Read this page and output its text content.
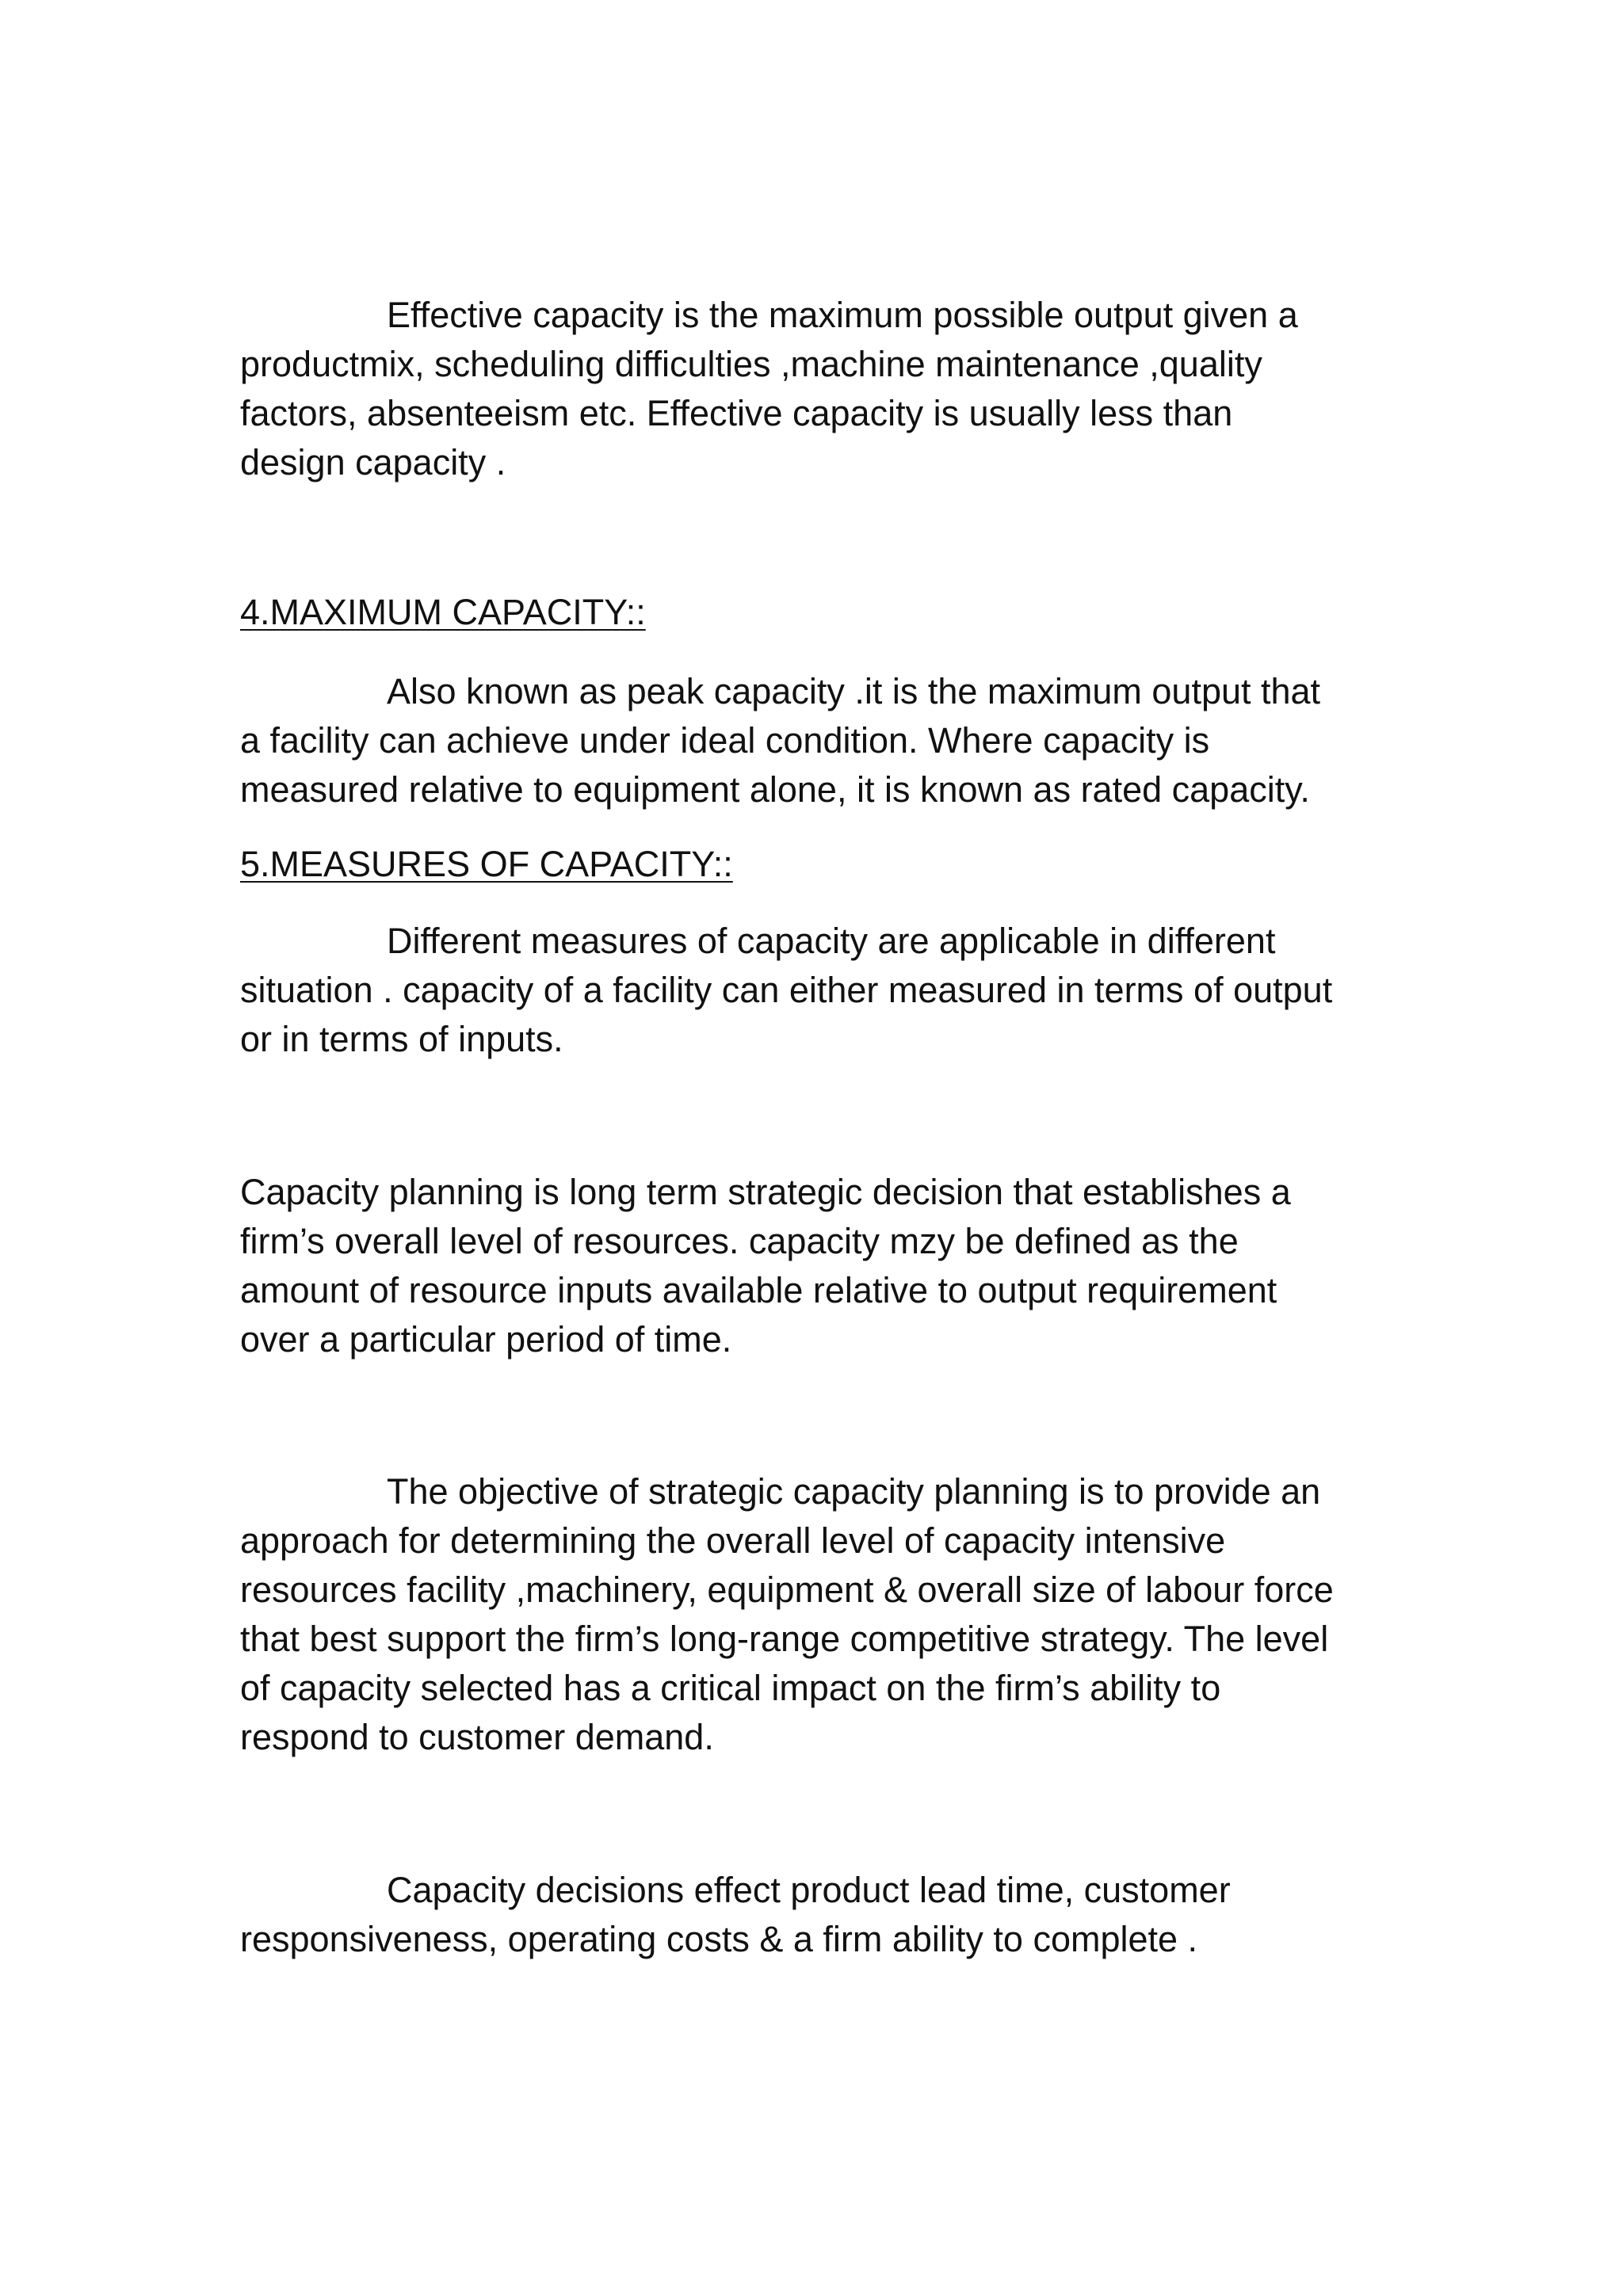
Effective capacity is the maximum possible output given a
productmix, scheduling difficulties ,machine maintenance ,quality
factors, absenteeism etc. Effective capacity is usually less than
design capacity .

4.MAXIMUM CAPACITY::

Also known as peak capacity .it is the maximum output that
a facility can achieve under ideal condition. Where capacity is
measured relative to equipment alone, it is known as rated capacity.

5.MEASURES OF CAPACITY::

Different measures of capacity are applicable in different
situation . capacity of a facility can either measured in terms of output
or in terms of inputs.

Capacity planning is long term strategic decision that establishes a
firm’s overall level of resources. capacity mzy be defined as the
amount of resource inputs available relative to output requirement
over a particular period of time.

The objective of strategic capacity planning is to provide an
approach for determining the overall level of capacity intensive
resources facility ,machinery, equipment & overall size of labour force
that best support the firm’s long-range competitive strategy. The level
of capacity selected has a critical impact on the firm’s ability to
respond to customer demand.

Capacity decisions effect product lead time, customer
responsiveness, operating costs & a firm ability to complete .
